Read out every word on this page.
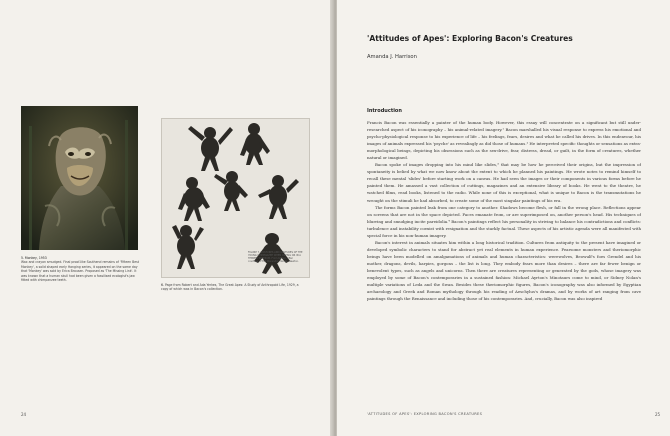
5. Monkey, 1953
Wax and crayon smudged. Final proof-like Southend remains of 'Fifteen Best Monkey', a solid shaped early Hanging series, it appeared on the same day that 'Monkey' was sold by Erica Brausen. Proposed as 'The Missing Link'. It was known that a human skull had been given a fossilised ecologist's jaw fitted with chimpanzee teeth.
FIGURE 7. POSTURES AND GESTURES OF THE YOUNG CHIMPANZEE WHEN CRYING OR IN A TEMPER TANTRUM. From Köhler, after courtesy of the Clarendon Yerkes, Newton.
6. Page from Robert and Ada Yerkes, The Great Apes: A Study of Anthropoid Life, 1929, a copy of which was in Bacon's collection.
24
'Attitudes of Apes': Exploring Bacon's Creatures
Amanda J. Harrison
Introduction

Francis Bacon was essentially a painter of the human body. However, this essay will concentrate on a significant but still under-researched aspect of his iconography – his animal-related imagery.¹ Bacon marshalled his visual response to express his emotional and psycho-physiological response to his experience of life – his feelings, fears, desires and what he called his drives. In this endeavour, his images of animals expressed his 'psyche' as revealingly as did those of humans.² He interpreted specific thoughts or sensations as extra-morphological beings, depicting his obsessions such as the sex-drive, fear, distress, dread, or guilt, in the form of creatures, whether natural or imagined.

Bacon spoke of images dropping into his mind like slides,³ that may be how he perceived their origins, but the impression of spontaneity is belied by what we now know about the extent to which he planned his paintings. He wrote notes to remind himself to recall these mental 'slides' before starting work on a canvas. He had seen the images or their components in various forms before he painted them. He amassed a vast collection of cuttings, magazines and an extensive library of books. He went to the theatre, he watched films, read books, listened to the radio. While none of this is exceptional, what is unique to Bacon is the transmutations he wrought on the stimuli he had absorbed, to create some of the most singular paintings of his era.

The forms Bacon painted leak from one category to another. Shadows become flesh, or fall in the wrong place. Reflections appear on screens that are not in the space depicted. Faces emanate from, or are superimposed on, another person's head. His techniques of blurring and smudging incite pareidolia.⁴ Bacon's paintings reflect his personality in striving to balance his contradictions and conflicts: turbulence and instability coexist with resignation and the starkly factual. These aspects of his artistic agenda were all manifested with special force in his non-human imagery.

Bacon's interest in animals situates him within a long historical tradition. Cultures from antiquity to the present have imagined or developed symbolic characters to stand for abstract yet real elements in human experience. Fearsome monsters and theriomorphic beings have been modelled on amalgamations of animals and human characteristics: werewolves, Beowulf's foes Grendel and his mother, dragons, devils, harpies, gorgons – the list is long. They embody fears more than desires – there are far fewer benign or benevolent types, such as angels and unicorns. Then there are creatures representing or generated by the gods, whose imagery was employed by some of Bacon's contemporaries in a sustained fashion: Michael Ayrton's Minotaurs come to mind, or Sidney Nolan's multiple variations of Leda and the Swan. Besides these theriomorphic figures, Bacon's iconography was also informed by Egyptian archaeology and Greek and Roman mythology through his reading of Aeschylus's dramas, and by works of art ranging from cave paintings through the Renaissance and including those of his contemporaries. And, crucially, Bacon was also inspired

'ATTITUDES OF APES': EXPLORING BACON'S CREATURES	25
